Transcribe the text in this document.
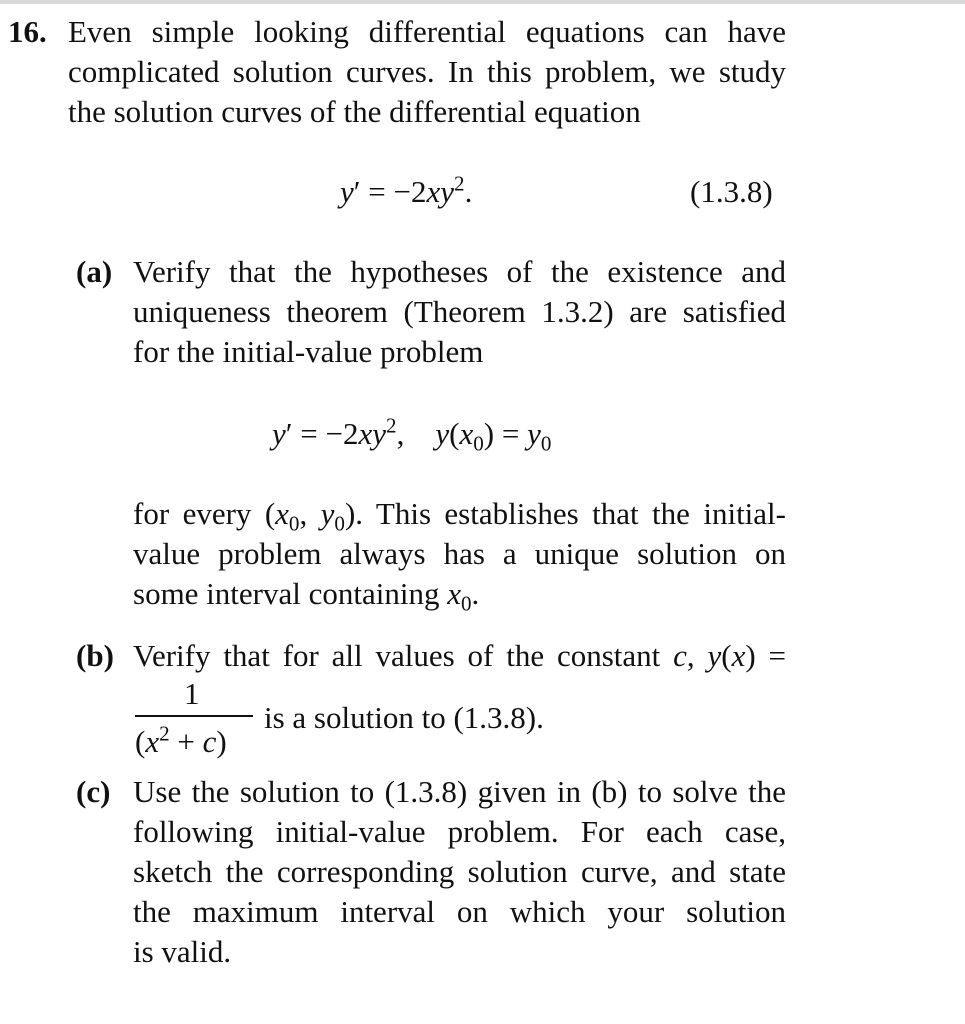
16. Even simple looking differential equations can have
complicated solution curves. In this problem, we study
the solution curves of the differential equation
$y' = -2xy^2$.	(1.3.8)
(a) Verify that the hypotheses of the existence and
uniqueness theorem (Theorem 1.3.2) are satisfied
for the initial-value problem
$y' = -2xy^2$,    $y(x_0) = y_0$
for every ($x_0$, $y_0$). This establishes that the initial-
value problem always has a unique solution on
some interval containing $x_0$.
(b) Verify that for all values of the constant c, y(x) =
1
$(x^2 + c)$
is a solution to (1.3.8).
(c) Use the solution to (1.3.8) given in (b) to solve the
following initial-value problem. For each case,
sketch the corresponding solution curve, and state
the maximum interval on which your solution
is valid.
